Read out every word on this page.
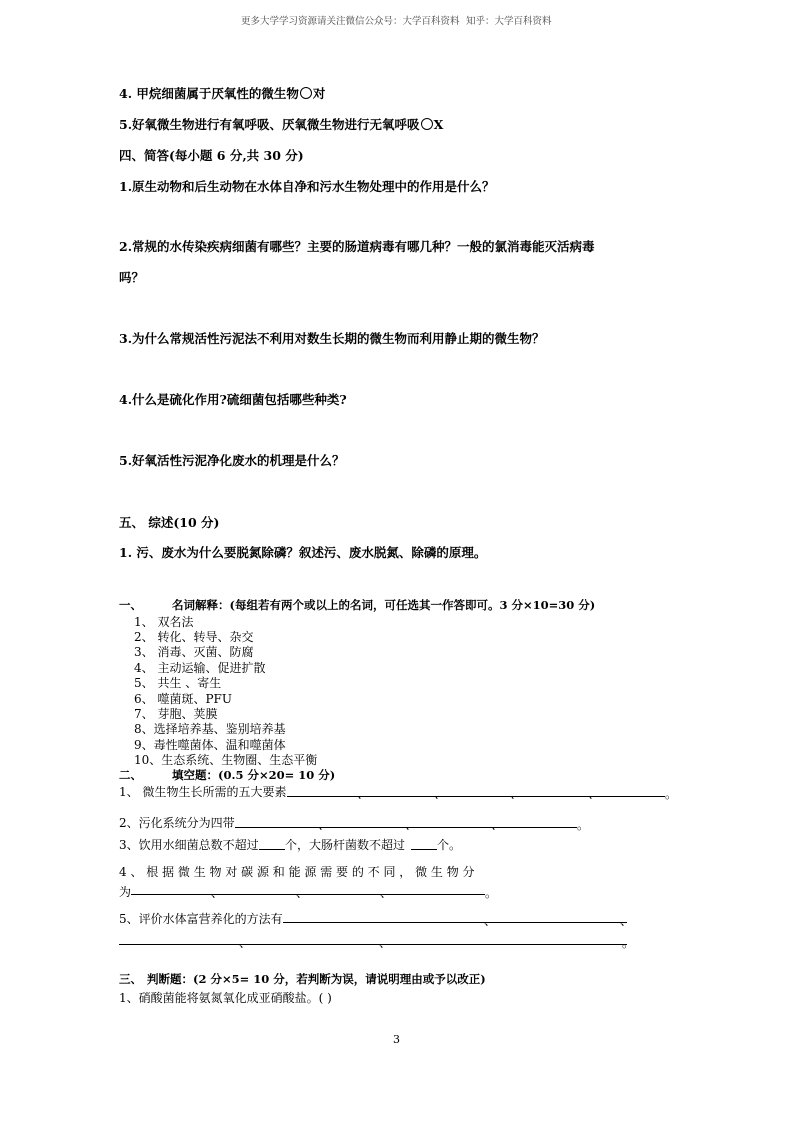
更多大学学习资源请关注微信公众号：大学百科资料 知乎：大学百科资料
4. 甲烷细菌属于厌氧性的微生物○对
5.好氧微生物进行有氧呼吸、厌氧微生物进行无氧呼吸○X
四、简答(每小题 6 分,共 30 分)
1.原生动物和后生动物在水体自净和污水生物处理中的作用是什么？
2.常规的水传染疾病细菌有哪些？主要的肠道病毒有哪几种？一般的氯消毒能灭活病毒
吗？
3.为什么常规活性污泥法不利用对数生长期的微生物而利用静止期的微生物？
4.什么是硫化作用?硫细菌包括哪些种类?
5.好氧活性污泥净化废水的机理是什么？
五、 综述(10 分)
1. 污、废水为什么要脱氮除磷？叙述污、废水脱氮、除磷的原理。
一、	名词解释：(每组若有两个或以上的名词，可任选其一作答即可。3 分×10=30 分)
1、 双名法
2、 转化、转导、杂交
3、 消毒、灭菌、防腐
4、 主动运输、促进扩散
5、 共生 、寄生
6、 噬菌斑、PFU
7、 芽胞、荚膜
8、选择培养基、鉴别培养基
9、毒性噬菌体、温和噬菌体
10、生态系统、生物圈、生态平衡
二、	填空题：(0.5 分×20= 10 分)
1、 微生物生长所需的五大要素	、	、	、	、	。
2、污化系统分为四带	、	、	、	。
3、饮用水细菌总数不超过 个，大肠杆菌数不超过	个。
4 、 根 据 微 生 物 对 碳 源 和 能 源 需 要 的 不 同 ， 微 生 物 分
为	、	、	、	。
5、评价水体富营养化的方法有	、	、
、	、	。
三、 判断题：(2 分×5= 10 分，若判断为误，请说明理由或予以改正)
1、硝酸菌能将氨氮氧化成亚硝酸盐。( )
3
